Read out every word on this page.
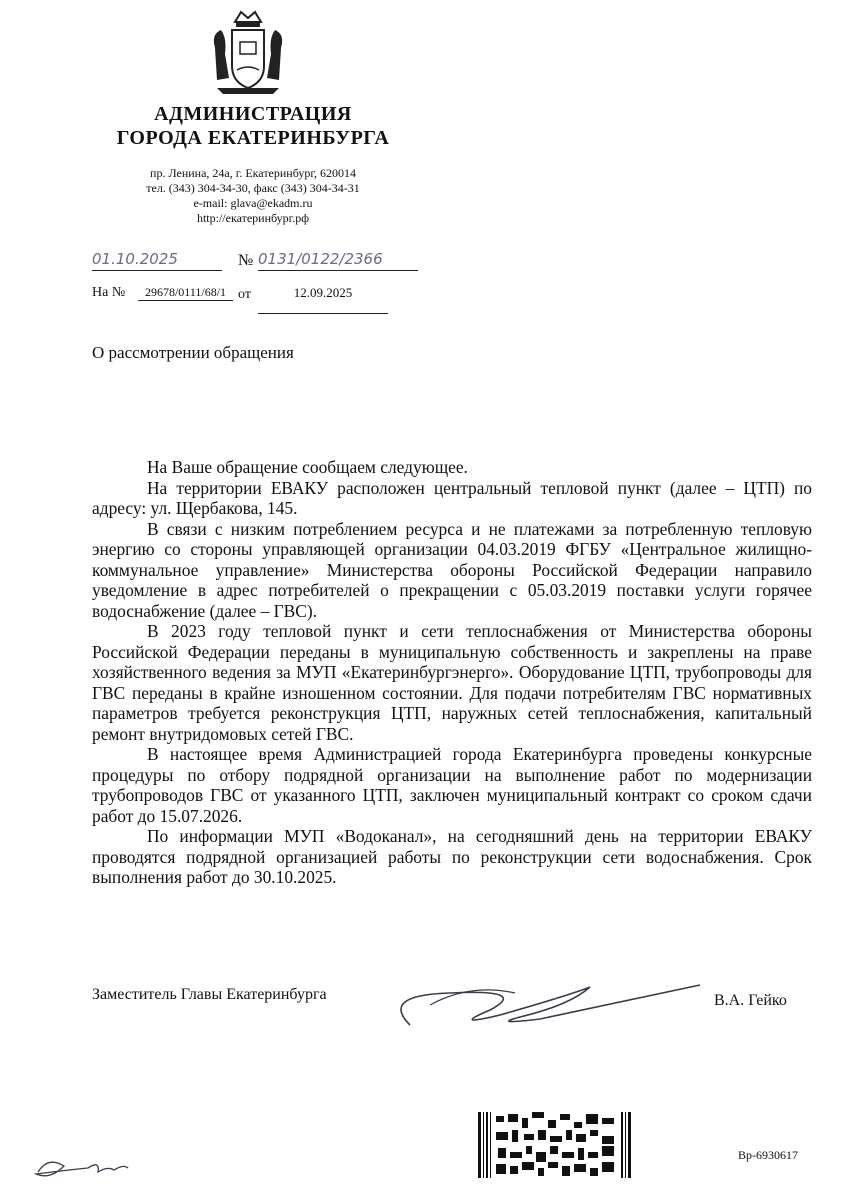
АДМИНИСТРАЦИЯ
ГОРОДА ЕКАТЕРИНБУРГА
пр. Ленина, 24а, г. Екатеринбург, 620014
тел. (343) 304-34-30, факс (343) 304-34-31
e-mail: glava@ekadm.ru
http://екатеринбург.рф
01.10.2025	№ 0131/0122/2366
На №	29678/0111/68/1 от	12.09.2025
О рассмотрении обращения

На Ваше обращение сообщаем следующее.

На территории ЕВАКУ расположен центральный тепловой пункт (далее – ЦТП) по адресу: ул. Щербакова, 145.

В связи с низким потреблением ресурса и не платежами за потребленную тепловую энергию со стороны управляющей организации 04.03.2019 ФГБУ «Центральное жилищно-коммунальное управление» Министерства обороны Российской Федерации направило уведомление в адрес потребителей о прекращении с 05.03.2019 поставки услуги горячее водоснабжение (далее – ГВС).

В 2023 году тепловой пункт и сети теплоснабжения от Министерства обороны Российской Федерации переданы в муниципальную собственность и закреплены на праве хозяйственного ведения за МУП «Екатеринбургэнерго». Оборудование ЦТП, трубопроводы для ГВС переданы в крайне изношенном состоянии. Для подачи потребителям ГВС нормативных параметров требуется реконструкция ЦТП, наружных сетей теплоснабжения, капитальный ремонт внутридомовых сетей ГВС.

В настоящее время Администрацией города Екатеринбурга проведены конкурсные процедуры по отбору подрядной организации на выполнение работ по модернизации трубопроводов ГВС от указанного ЦТП, заключен муниципальный контракт со сроком сдачи работ до 15.07.2026.

По информации МУП «Водоканал», на сегодняшний день на территории ЕВАКУ проводятся подрядной организацией работы по реконструкции сети водоснабжения. Срок выполнения работ до 30.10.2025.

Заместитель Главы Екатеринбурга	В.А. Гейко
Вр-6930617
